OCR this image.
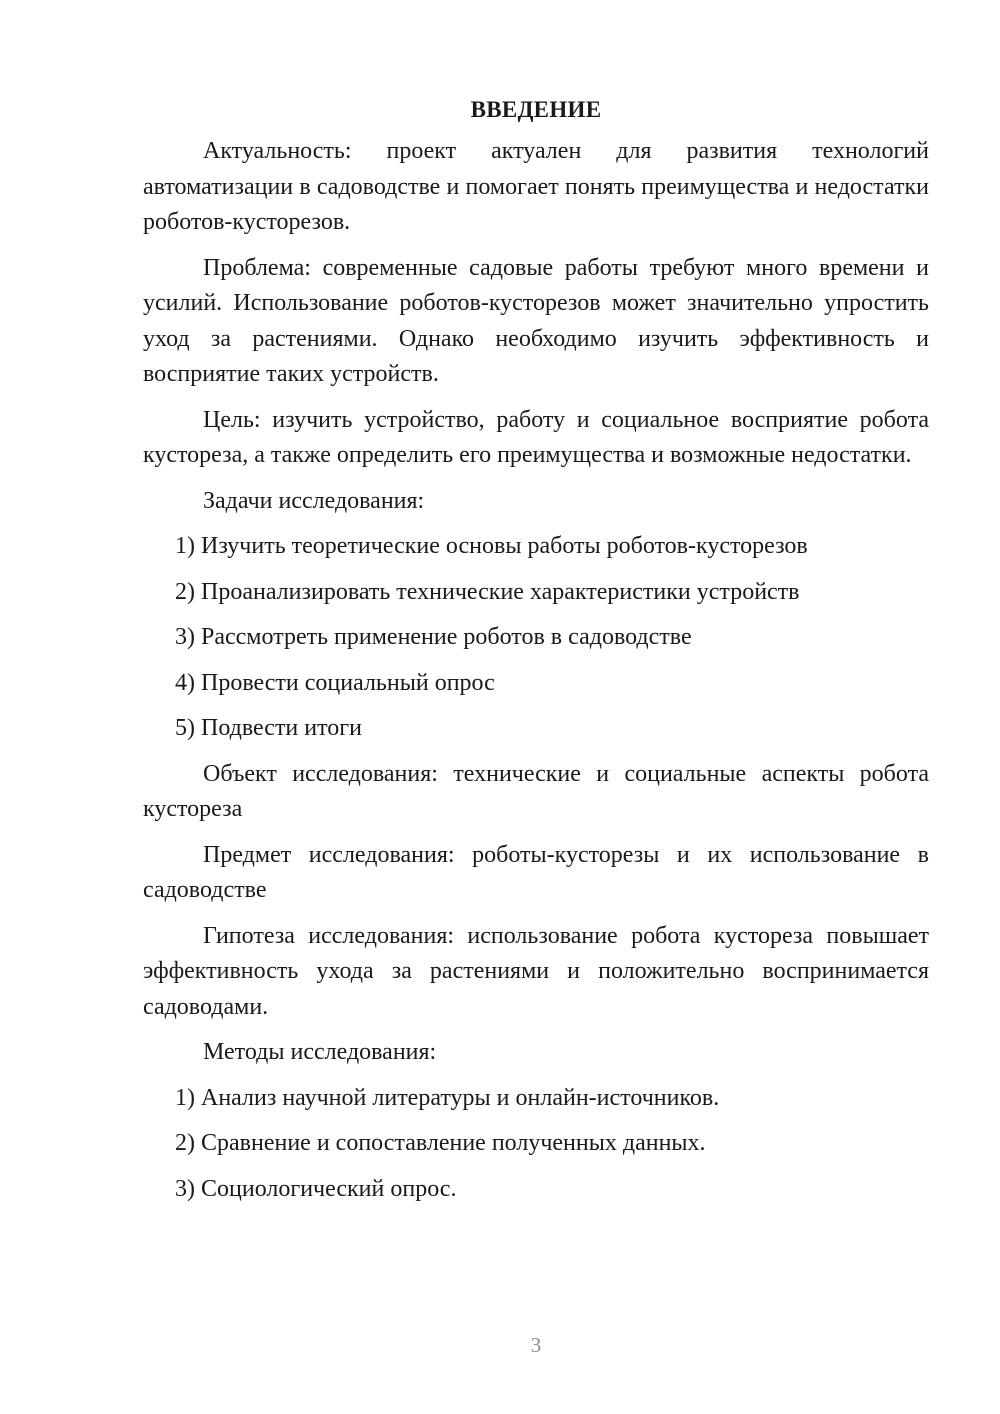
ВВЕДЕНИЕ

Актуальность: проект актуален для развития технологий автоматизации в садоводстве и помогает понять преимущества и недостатки роботов-кусторезов.

Проблема: современные садовые работы требуют много времени и усилий. Использование роботов-кусторезов может значительно упростить уход за растениями. Однако необходимо изучить эффективность и восприятие таких устройств.

Цель: изучить устройство, работу и социальное восприятие робота кустореза, а также определить его преимущества и возможные недостатки.

Задачи исследования:
1) Изучить теоретические основы работы роботов-кусторезов
2) Проанализировать технические характеристики устройств
3) Рассмотреть применение роботов в садоводстве
4) Провести социальный опрос
5) Подвести итоги

Объект исследования: технические и социальные аспекты робота кустореза

Предмет исследования: роботы-кусторезы и их использование в садоводстве

Гипотеза исследования: использование робота кустореза повышает эффективность ухода за растениями и положительно воспринимается садоводами.

Методы исследования:
1) Анализ научной литературы и онлайн-источников.
2) Сравнение и сопоставление полученных данных.
3) Социологический опрос.
3
